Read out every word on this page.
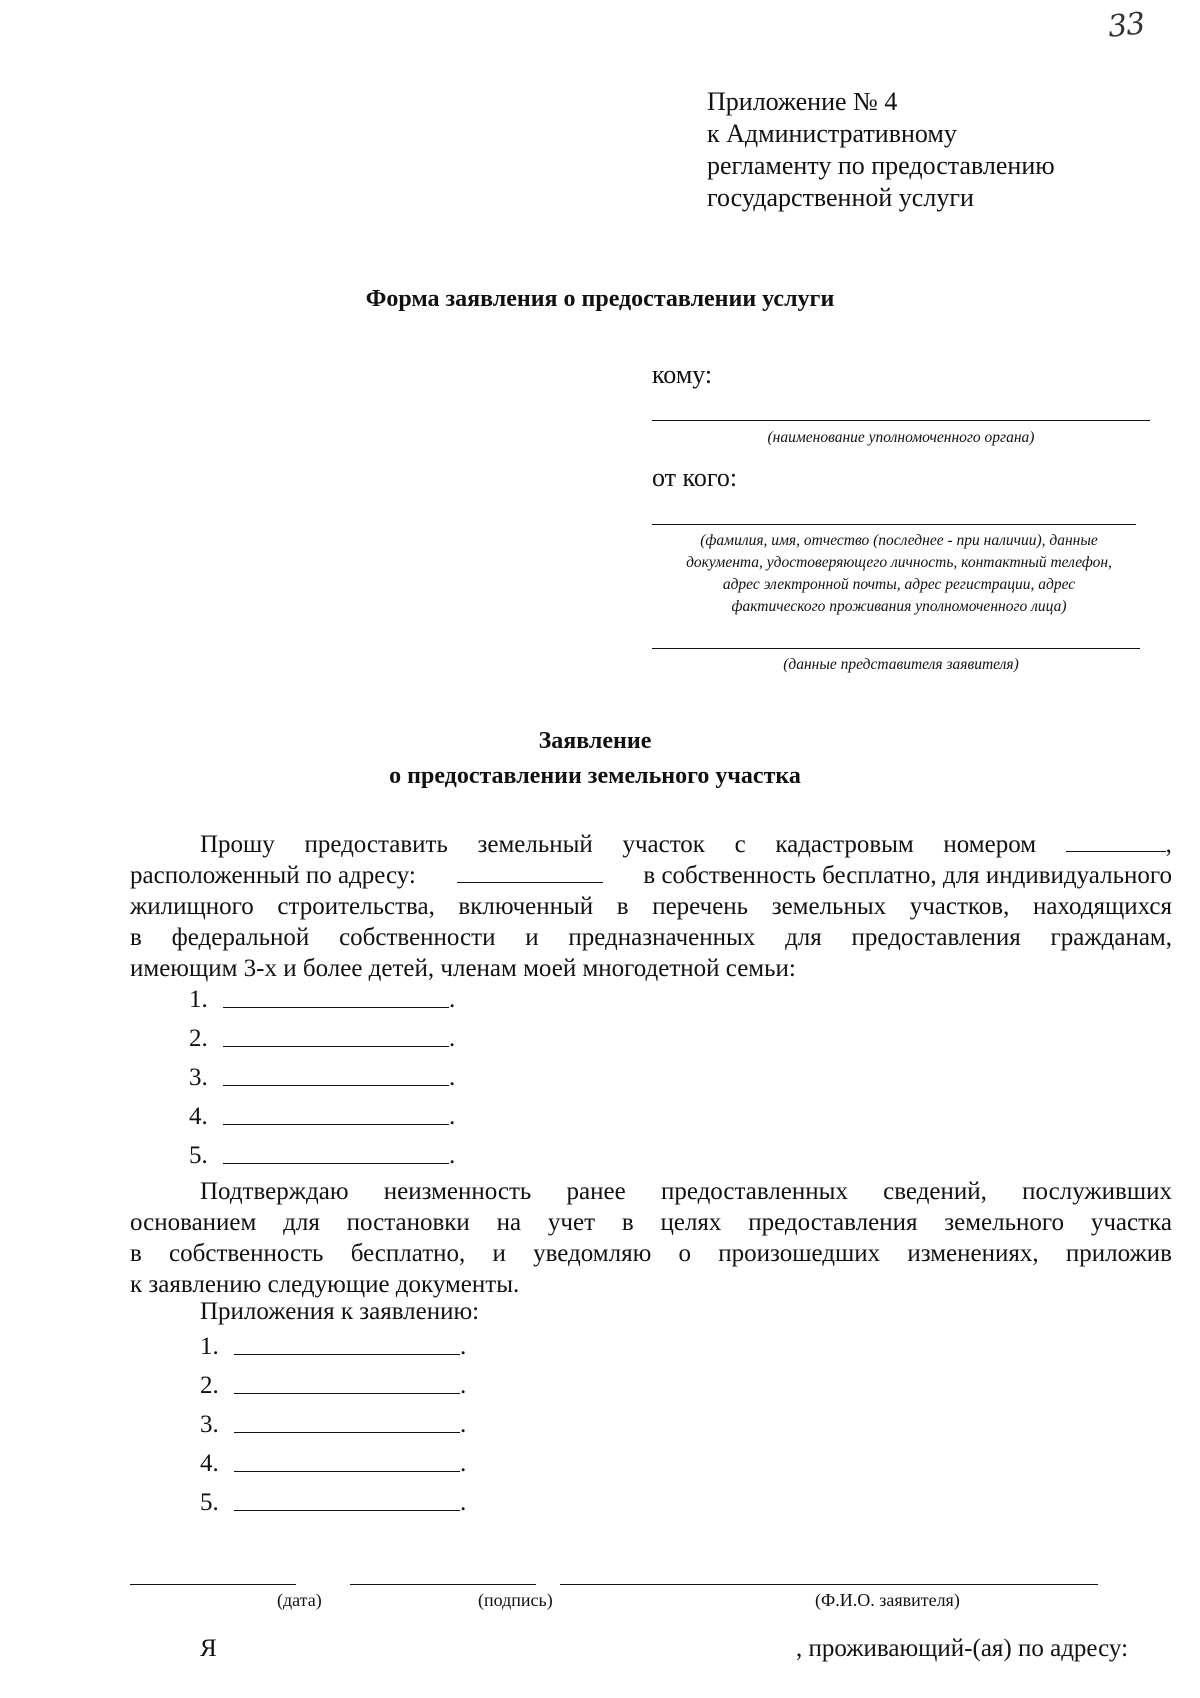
33
Приложение № 4
к Административному
регламенту по предоставлению
государственной услуги
Форма заявления о предоставлении услуги
кому:
(наименование уполномоченного органа)
от кого:
(фамилия, имя, отчество (последнее - при наличии), данные
документа, удостоверяющего личность, контактный телефон,
адрес электронной почты, адрес регистрации, адрес
фактического проживания уполномоченного лица)
(данные представителя заявителя)
Заявление
о предоставлении земельного участка
Прошу предоставить земельный участок с кадастровым номером	,
расположенный по адресу:	в собственность бесплатно, для индивидуального
жилищного строительства, включенный в перечень земельных участков, находящихся
в федеральной собственности и предназначенных для предоставления гражданам,
имеющим 3-х и более детей, членам моей многодетной семьи:
1.	.
2.	.
3.	.
4.	.
5.	.
Подтверждаю неизменность ранее предоставленных сведений, послуживших
основанием для постановки на учет в целях предоставления земельного участка
в собственность бесплатно, и уведомляю о произошедших изменениях, приложив
к заявлению следующие документы.
Приложения к заявлению:
1.	.
2.	.
3.	.
4.	.
5.	.
(дата)	(подпись)	(Ф.И.О. заявителя)
Я	, проживающий-(ая) по адресу:
